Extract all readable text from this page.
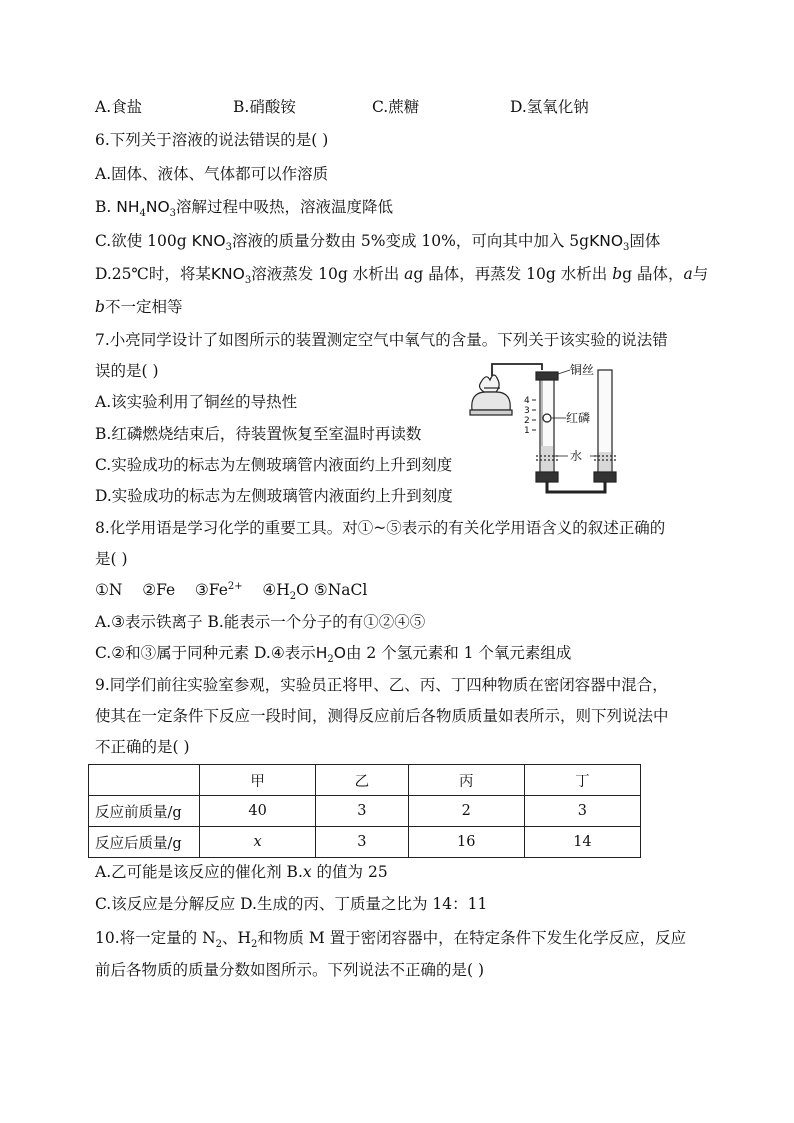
A.食盐	B.硝酸铵	C.蔗糖	D.氢氧化钠
6.下列关于溶液的说法错误的是( )
A.固体、液体、气体都可以作溶质
B. $NH_4NO_3$溶解过程中吸热，溶液温度降低
C.欲使 100g $KNO_3$溶液的质量分数由 5%变成 10%，可向其中加入 5gKNO$_3$固体
D.25℃时，将某$KNO_3$溶液蒸发 10g 水析出 ag 晶体，再蒸发 10g 水析出 bg 晶体，a与
b不一定相等
7.小亮同学设计了如图所示的装置测定空气中氧气的含量。下列关于该实验的说法错
误的是( )
A.该实验利用了铜丝的导热性
B.红磷燃烧结束后，待装置恢复至室温时再读数
C.实验成功的标志为左侧玻璃管内液面约上升到刻度
D.实验成功的标志为左侧玻璃管内液面约上升到刻度
4
3
2
1
铜丝
红磷
水
8.化学用语是学习化学的重要工具。对①~⑤表示的有关化学用语含义的叙述正确的
是( )
①N ②Fe $③Fe^{2+}$ $④H_2O$ ⑤NaCl
A.③表示铁离子 B.能表示一个分子的有①②④⑤
C.②和③属于同种元素 D.④表示$H_2O$由 2 个氢元素和 1 个氧元素组成
9.同学们前往实验室参观，实验员正将甲、乙、丙、丁四种物质在密闭容器中混合，
使其在一定条件下反应一段时间，测得反应前后各物质质量如表所示，则下列说法中
不正确的是( )
	甲	乙	丙	丁
反应前质量/g	40	3	2	3
反应后质量/g	x	3	16	14
A.乙可能是该反应的催化剂 B.x 的值为 25
C.该反应是分解反应 D.生成的丙、丁质量之比为 14：11
10.将一定量的 $N_2$、$H_2$和物质 M 置于密闭容器中，在特定条件下发生化学反应，反应
前后各物质的质量分数如图所示。下列说法不正确的是( )
